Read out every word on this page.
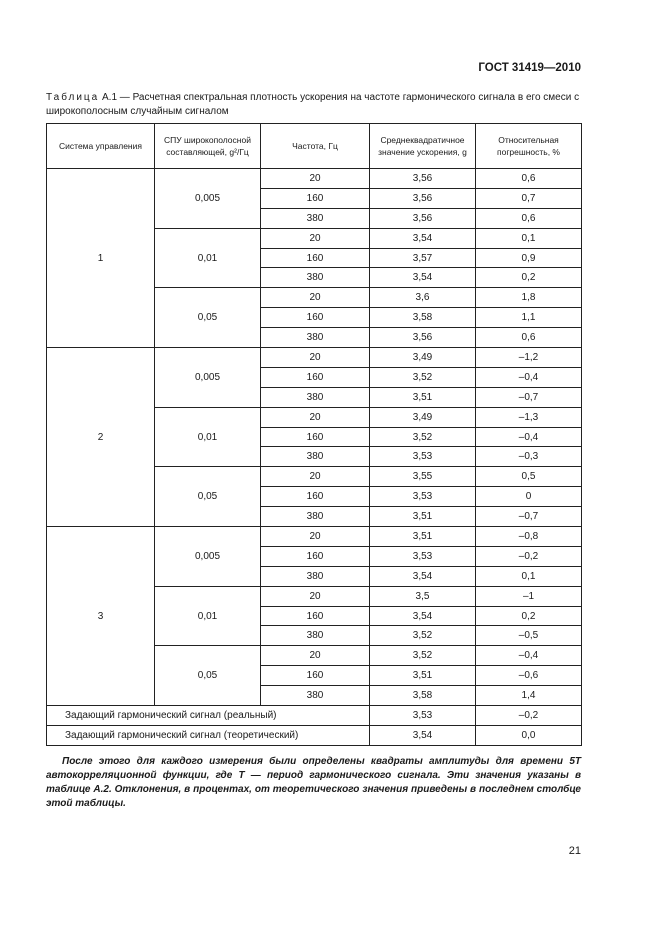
ГОСТ 31419—2010
Таблица А.1 — Расчетная спектральная плотность ускорения на частоте гармонического сигнала в его смеси с широкополосным случайным сигналом
Система управления	СПУ широкополосной составляющей, g²/Гц	Частота, Гц	Среднеквадратичное значение ускорения, g	Относительная погрешность, %
1	0,005	20	3,56	0,6
		160	3,56	0,7
		380	3,56	0,6
	0,01	20	3,54	0,1
		160	3,57	0,9
		380	3,54	0,2
	0,05	20	3,6	1,8
		160	3,58	1,1
		380	3,56	0,6
2	0,005	20	3,49	–1,2
		160	3,52	–0,4
		380	3,51	–0,7
	0,01	20	3,49	–1,3
		160	3,52	–0,4
		380	3,53	–0,3
	0,05	20	3,55	0,5
		160	3,53	0
		380	3,51	–0,7
3	0,005	20	3,51	–0,8
		160	3,53	–0,2
		380	3,54	0,1
	0,01	20	3,5	–1
		160	3,54	0,2
		380	3,52	–0,5
	0,05	20	3,52	–0,4
		160	3,51	–0,6
		380	3,58	1,4
Задающий гармонический сигнал (реальный)			3,53	–0,2
Задающий гармонический сигнал (теоретический)			3,54	0,0
После этого для каждого измерения были определены квадраты амплитуды для времени 5T автокорреляционной функции, где T — период гармонического сигнала. Эти значения указаны в таблице А.2. Отклонения, в процентах, от теоретического значения приведены в последнем столбце этой таблицы.
21
